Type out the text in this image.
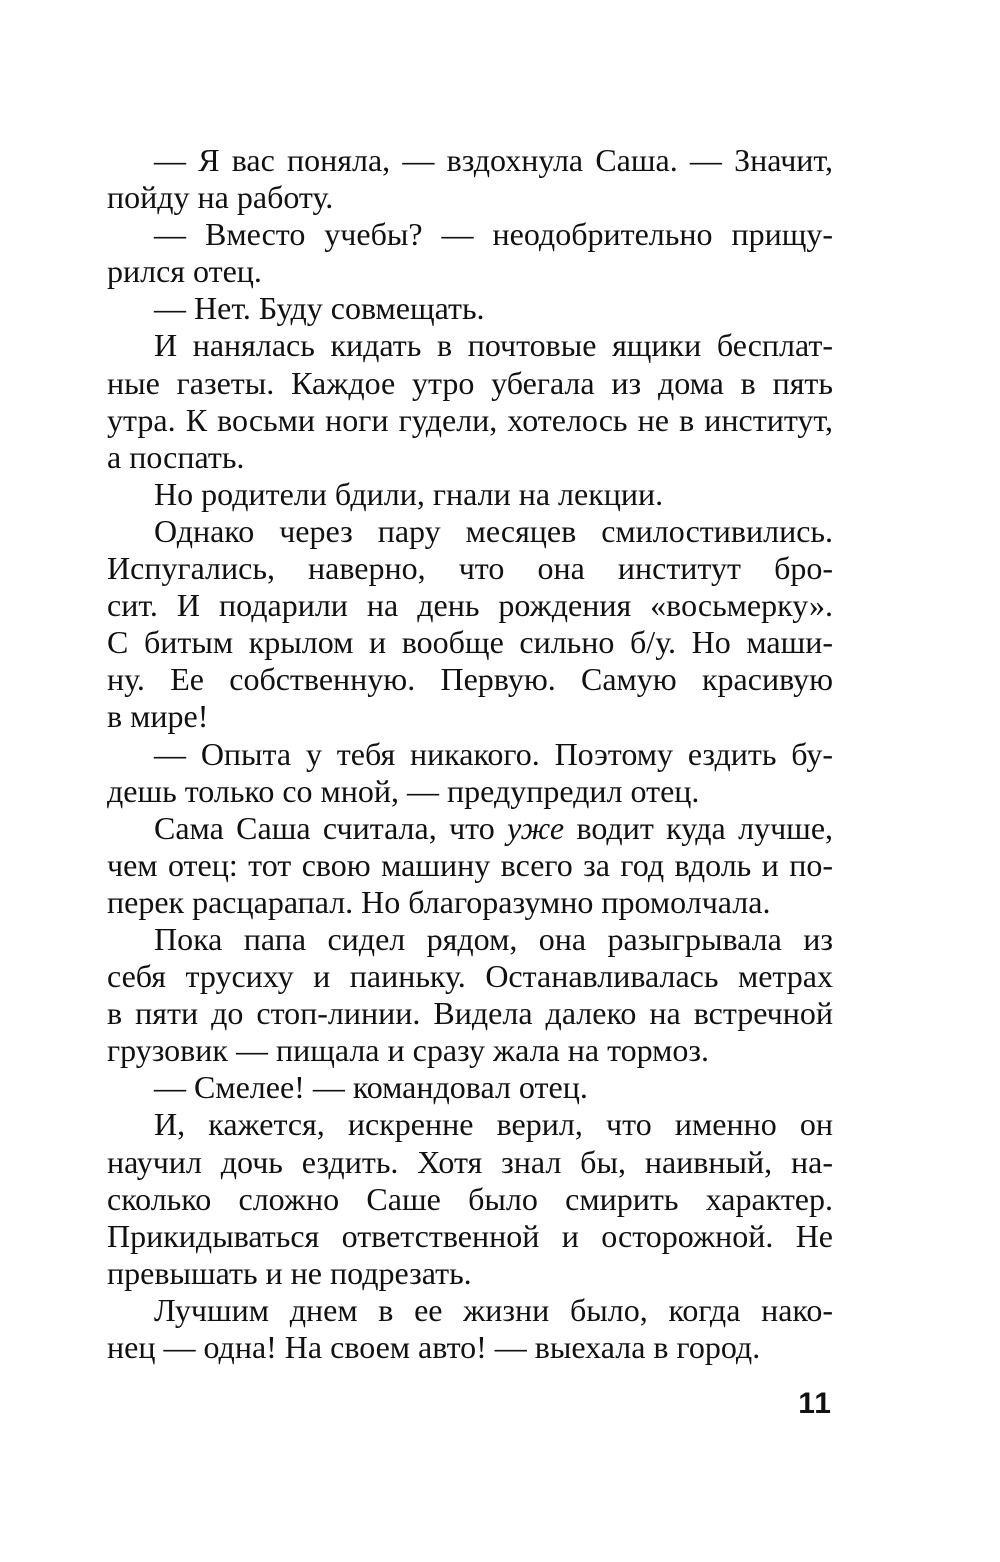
— Я вас поняла, — вздохнула Саша. — Значит,
пойду на работу.
— Вместо учебы? — неодобрительно прищу-
рился отец.
— Нет. Буду совмещать.
И нанялась кидать в почтовые ящики бесплат-
ные газеты. Каждое утро убегала из дома в пять
утра. К восьми ноги гудели, хотелось не в институт,
а поспать.
Но родители бдили, гнали на лекции.
Однако через пару месяцев смилостивились.
Испугались, наверно, что она институт бро-
сит. И подарили на день рождения «восьмерку».
С битым крылом и вообще сильно б/у. Но маши-
ну. Ее собственную. Первую. Самую красивую
в мире!
— Опыта у тебя никакого. Поэтому ездить бу-
дешь только со мной, — предупредил отец.
Сама Саша считала, что уже водит куда лучше,
чем отец: тот свою машину всего за год вдоль и по-
перек расцарапал. Но благоразумно промолчала.
Пока папа сидел рядом, она разыгрывала из
себя трусиху и паиньку. Останавливалась метрах
в пяти до стоп-линии. Видела далеко на встречной
грузовик — пищала и сразу жала на тормоз.
— Смелее! — командовал отец.
И, кажется, искренне верил, что именно он
научил дочь ездить. Хотя знал бы, наивный, на-
сколько сложно Саше было смирить характер.
Прикидываться ответственной и осторожной. Не
превышать и не подрезать.
Лучшим днем в ее жизни было, когда нако-
нец — одна! На своем авто! — выехала в город.
11
